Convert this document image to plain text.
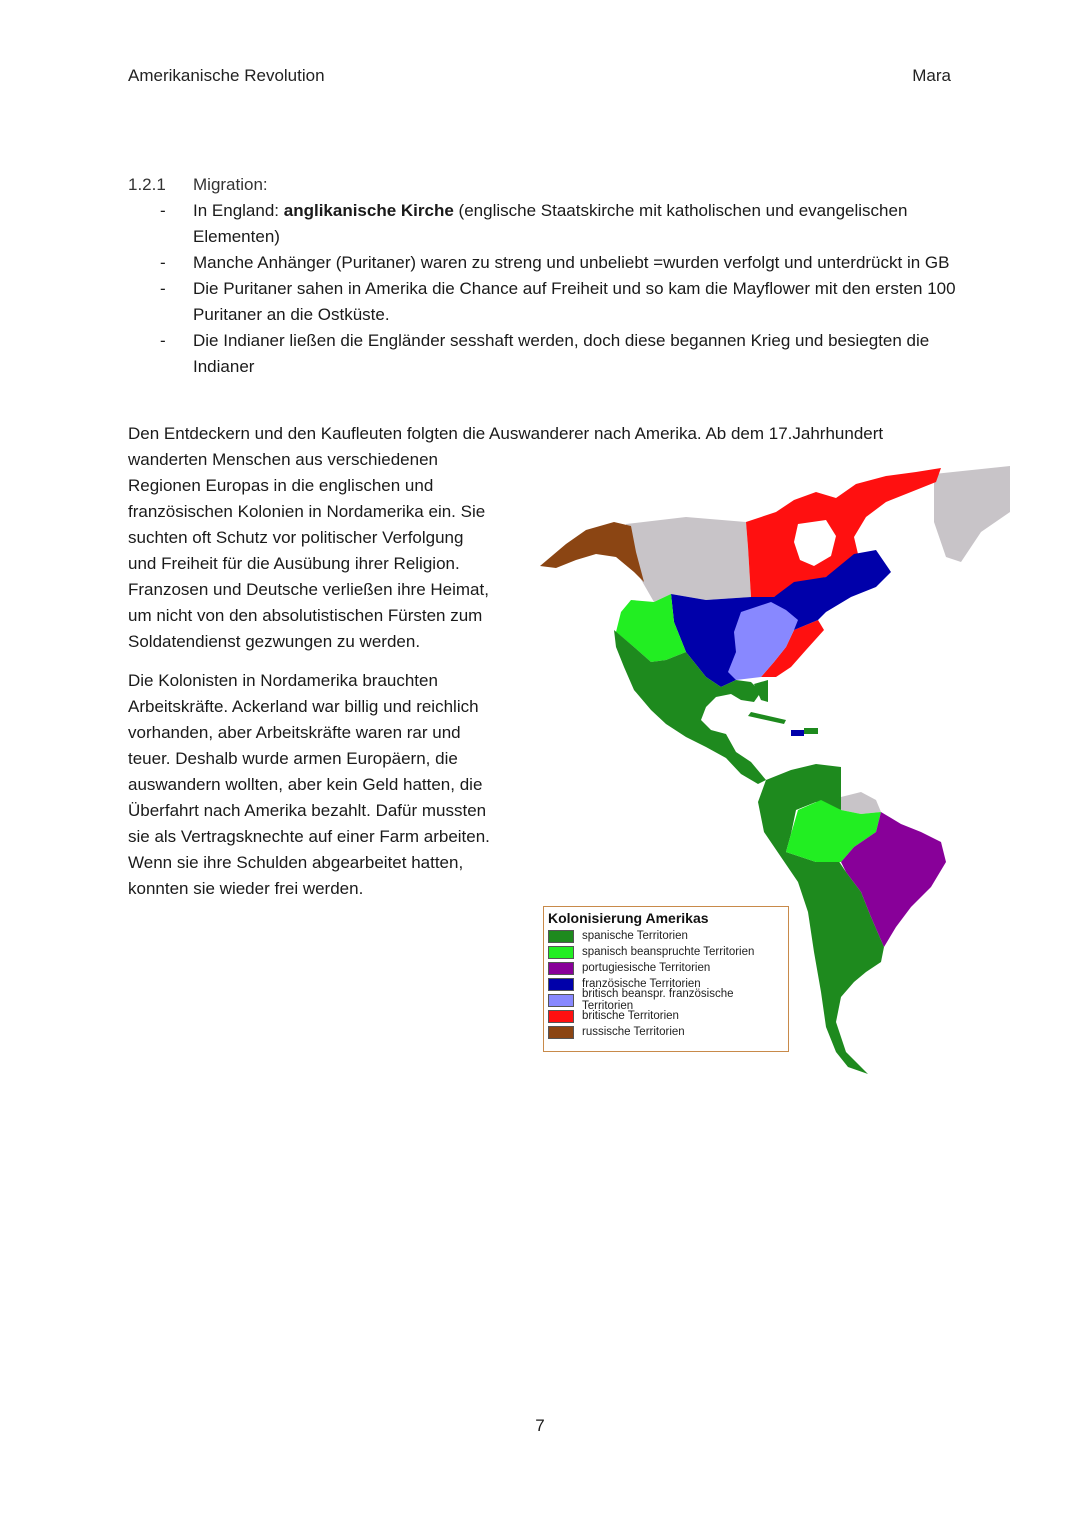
Amerikanische Revolution	Mara
1.2.1	Migration:
- In England: anglikanische Kirche (englische Staatskirche mit katholischen und evangelischen Elementen)
- Manche Anhänger (Puritaner) waren zu streng und unbeliebt =wurden verfolgt und unterdrückt in GB
- Die Puritaner sahen in Amerika die Chance auf Freiheit und so kam die Mayflower mit den ersten 100 Puritaner an die Ostküste.
- Die Indianer ließen die Engländer sesshaft werden, doch diese begannen Krieg und besiegten die Indianer
Den Entdeckern und den Kaufleuten folgten die Auswanderer nach Amerika. Ab dem 17.Jahrhundert
wanderten Menschen aus verschiedenen
Regionen Europas in die englischen und
französischen Kolonien in Nordamerika ein. Sie
suchten oft Schutz vor politischer Verfolgung
und Freiheit für die Ausübung ihrer Religion.
Franzosen und Deutsche verließen ihre Heimat,
um nicht von den absolutistischen Fürsten zum
Soldatendienst gezwungen zu werden.
Die Kolonisten in Nordamerika brauchten
Arbeitskräfte. Ackerland war billig und reichlich
vorhanden, aber Arbeitskräfte waren rar und
teuer. Deshalb wurde armen Europäern, die
auswandern wollten, aber kein Geld hatten, die
Überfahrt nach Amerika bezahlt. Dafür mussten
sie als Vertragsknechte auf einer Farm arbeiten.
Wenn sie ihre Schulden abgearbeitet hatten,
konnten sie wieder frei werden.
Kolonisierung Amerikas
spanische Territorien
spanisch beanspruchte Territorien
portugiesische Territorien
französische Territorien
britisch beanspr. französische Territorien
britische Territorien
russische Territorien
7
